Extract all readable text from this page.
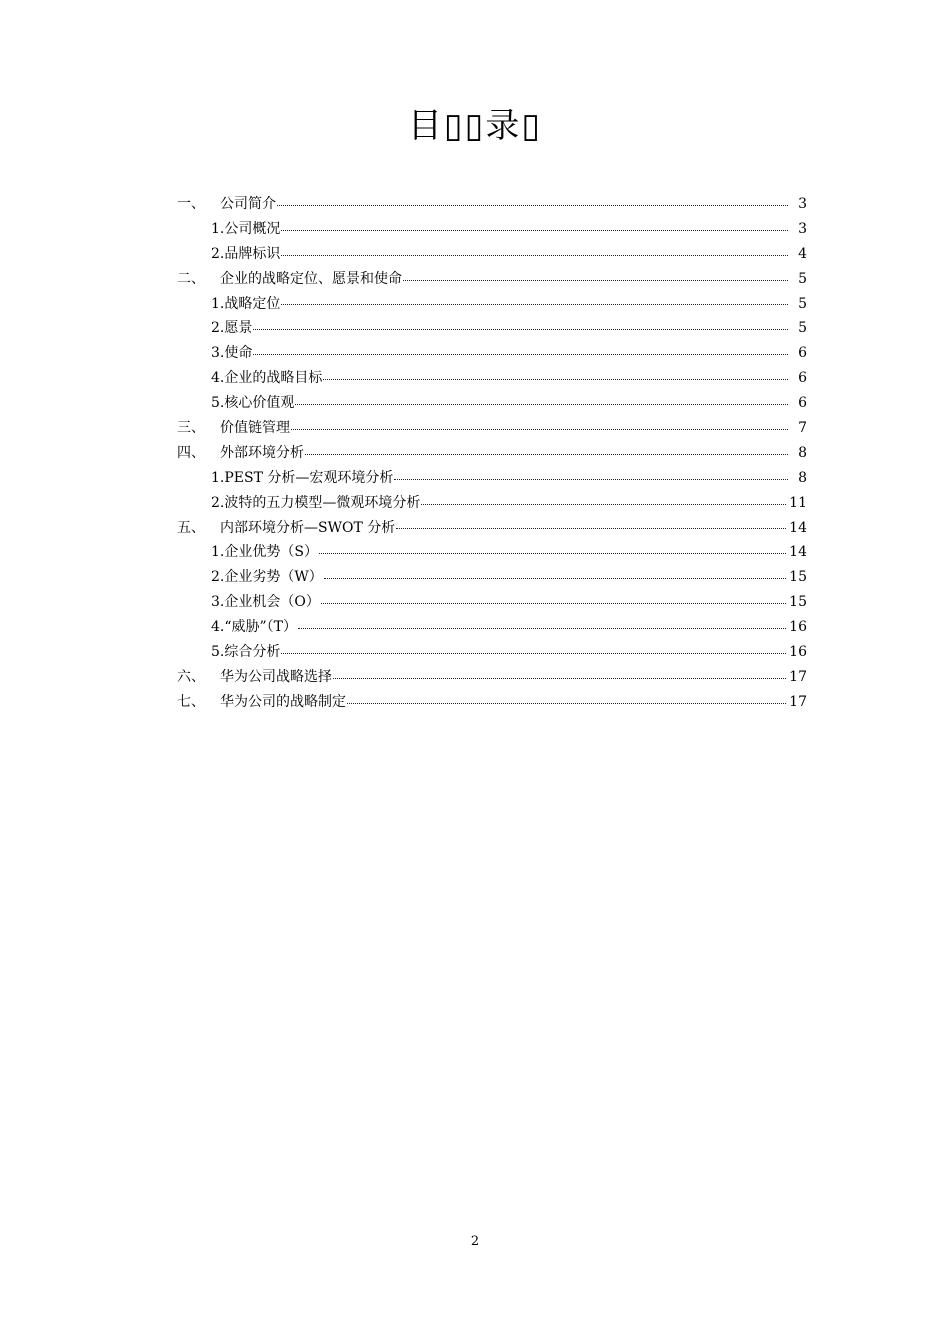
目▯▯录▯
一、	公司简介	3
1.公司概况	3
2.品牌标识	4
二、	企业的战略定位、愿景和使命	5
1.战略定位	5
2.愿景	5
3.使命	6
4.企业的战略目标	6
5.核心价值观	6
三、	价值链管理	7
四、	外部环境分析	8
1.PEST 分析—宏观环境分析	8
2.波特的五力模型—微观环境分析	11
五、	内部环境分析—SWOT 分析	14
1.企业优势（S）	14
2.企业劣势（W）	15
3.企业机会（O）	15
4.“威胁”（T）	16
5.综合分析	16
六、	华为公司战略选择	17
七、	华为公司的战略制定	17
2
